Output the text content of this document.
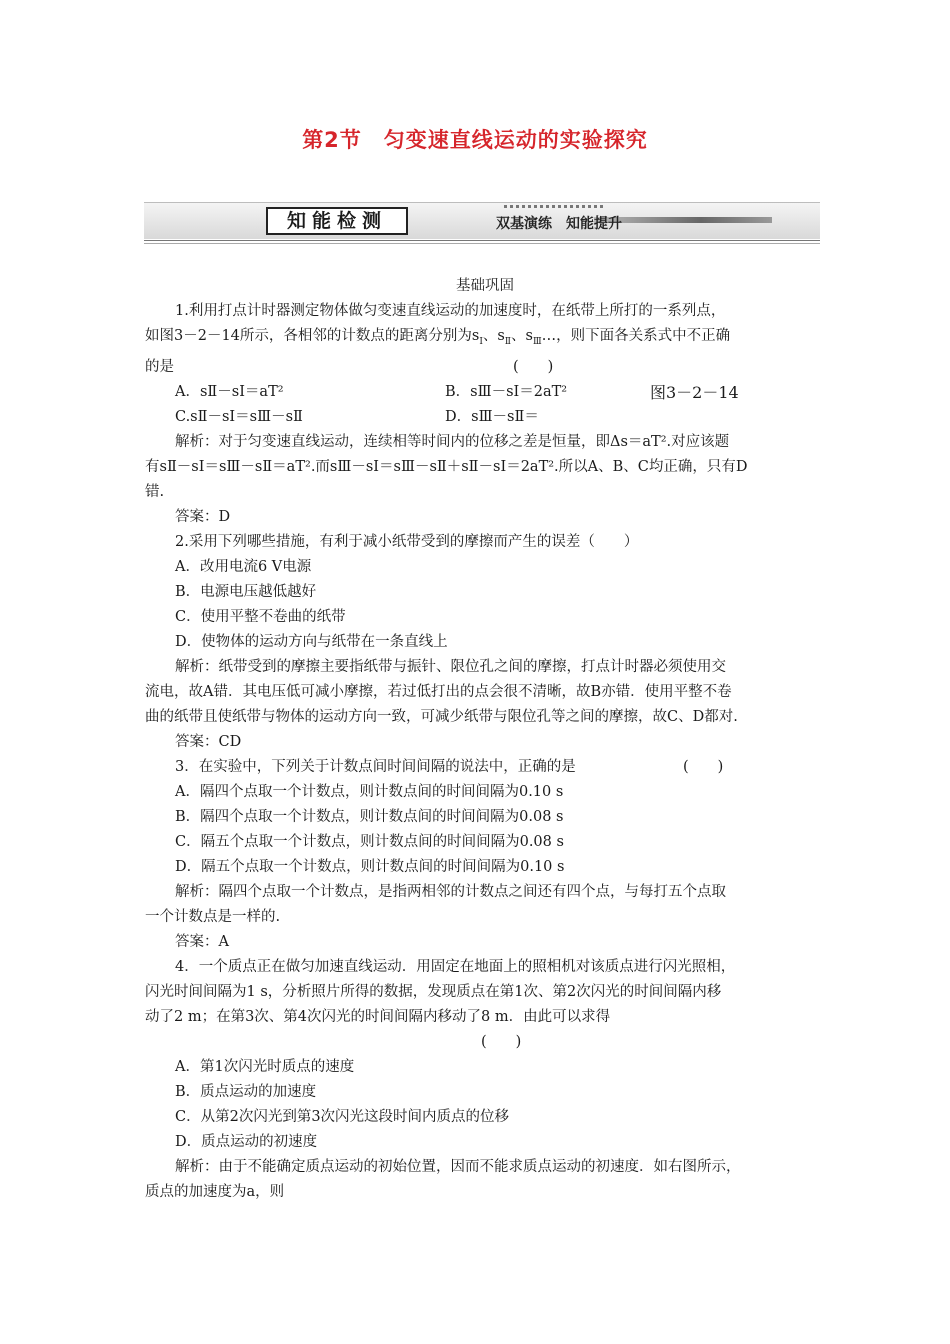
第2节　匀变速直线运动的实验探究
知能检测	双基演练　知能提升
基础巩固

1.利用打点计时器测定物体做匀变速直线运动的加速度时，在纸带上所打的一系列点，

如图3－2－14所示，各相邻的计数点的距离分别为$s_Ⅰ$、$s_Ⅱ$、$s_Ⅲ\dots$，则下面各关系式中不正确

的是	(　　)
A．sⅡ－sⅠ＝aT²	B．sⅢ－sⅠ＝2aT²	图3－2－14
C.sⅡ－sⅠ＝sⅢ－sⅡ	D．sⅢ－sⅡ＝

解析：对于匀变速直线运动，连续相等时间内的位移之差是恒量，即Δs＝aT².对应该题

有sⅡ－sⅠ＝sⅢ－sⅡ＝aT².而sⅢ－sⅠ＝sⅢ－sⅡ＋sⅡ－sⅠ＝2aT².所以A、B、C均正确，只有D

错.

答案：D

2.采用下列哪些措施，有利于减小纸带受到的摩擦而产生的误差（　　）

A．改用电流6 V电源

B．电源电压越低越好

C．使用平整不卷曲的纸带

D．使物体的运动方向与纸带在一条直线上

解析：纸带受到的摩擦主要指纸带与振针、限位孔之间的摩擦，打点计时器必须使用交

流电，故A错．其电压低可减小摩擦，若过低打出的点会很不清晰，故B亦错．使用平整不卷

曲的纸带且使纸带与物体的运动方向一致，可减少纸带与限位孔等之间的摩擦，故C、D都对.

答案：CD

3．在实验中，下列关于计数点间时间间隔的说法中，正确的是	(　　)

A．隔四个点取一个计数点，则计数点间的时间间隔为0.10 s

B．隔四个点取一个计数点，则计数点间的时间间隔为0.08 s

C．隔五个点取一个计数点，则计数点间的时间间隔为0.08 s

D．隔五个点取一个计数点，则计数点间的时间间隔为0.10 s

解析：隔四个点取一个计数点，是指两相邻的计数点之间还有四个点，与每打五个点取

一个计数点是一样的.

答案：A

4．一个质点正在做匀加速直线运动．用固定在地面上的照相机对该质点进行闪光照相，

闪光时间间隔为1 s，分析照片所得的数据，发现质点在第1次、第2次闪光的时间间隔内移

动了2 m；在第3次、第4次闪光的时间间隔内移动了8 m．由此可以求得

(　　)

A．第1次闪光时质点的速度

B．质点运动的加速度

C．从第2次闪光到第3次闪光这段时间内质点的位移

D．质点运动的初速度

解析：由于不能确定质点运动的初始位置，因而不能求质点运动的初速度．如右图所示，

质点的加速度为a，则
